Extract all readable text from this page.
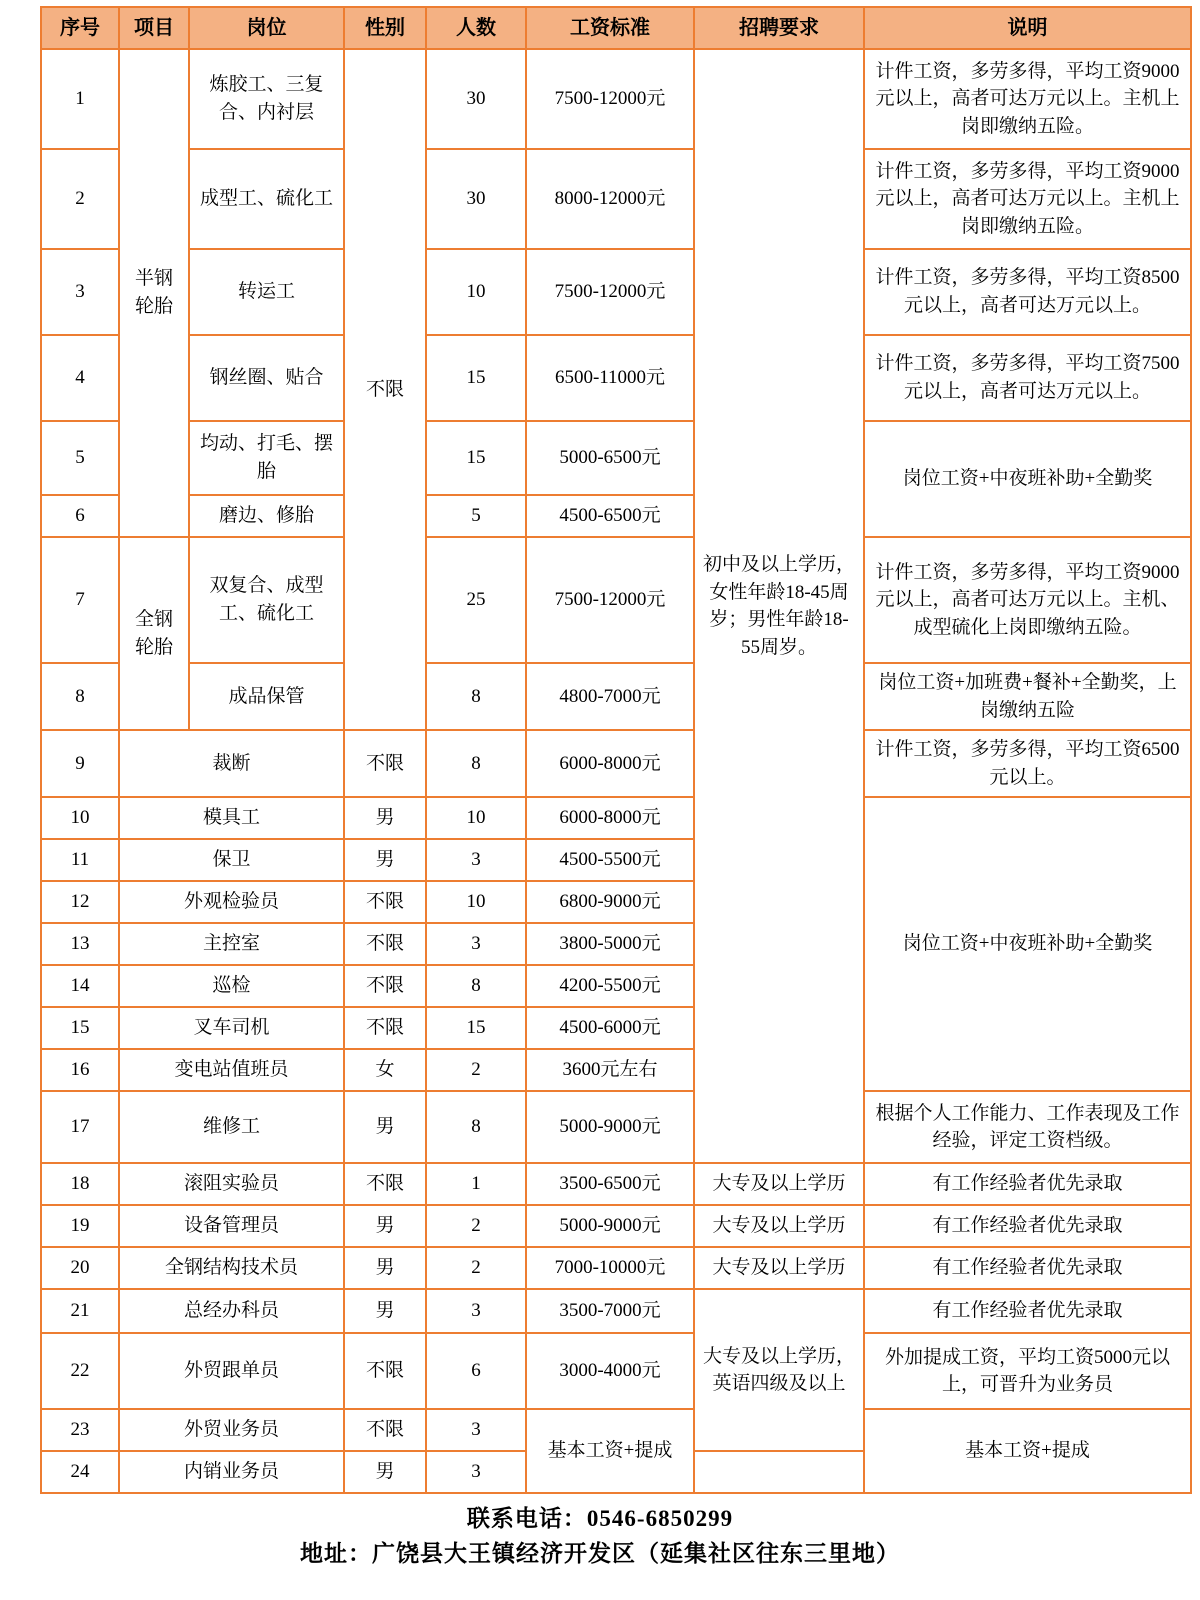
序号	项目	岗位	性别	人数	工资标准	招聘要求	说明
1	半钢轮胎	炼胶工、三复合、内衬层	不限	30	7500-12000元	初中及以上学历，女性年龄18-45周岁；男性年龄18-55周岁。	计件工资，多劳多得，平均工资9000元以上，高者可达万元以上。主机上岗即缴纳五险。
2		成型工、硫化工		30	8000-12000元		计件工资，多劳多得，平均工资9000元以上，高者可达万元以上。主机上岗即缴纳五险。
3		转运工		10	7500-12000元		计件工资，多劳多得，平均工资8500元以上，高者可达万元以上。
4		钢丝圈、贴合		15	6500-11000元		计件工资，多劳多得，平均工资7500元以上，高者可达万元以上。
5		均动、打毛、摆胎		15	5000-6500元		岗位工资+中夜班补助+全勤奖
6		磨边、修胎		5	4500-6500元		
7	全钢轮胎	双复合、成型工、硫化工		25	7500-12000元		计件工资，多劳多得，平均工资9000元以上，高者可达万元以上。主机、成型硫化上岗即缴纳五险。
8		成品保管		8	4800-7000元		岗位工资+加班费+餐补+全勤奖，上岗缴纳五险
9	裁断		不限	8	6000-8000元		计件工资，多劳多得，平均工资6500元以上。
10	模具工		男	10	6000-8000元		岗位工资+中夜班补助+全勤奖
11	保卫		男	3	4500-5500元		
12	外观检验员		不限	10	6800-9000元		
13	主控室		不限	3	3800-5000元		
14	巡检		不限	8	4200-5500元		
15	叉车司机		不限	15	4500-6000元		
16	变电站值班员		女	2	3600元左右		
17	维修工		男	8	5000-9000元		根据个人工作能力、工作表现及工作经验，评定工资档级。
18	滚阻实验员		不限	1	3500-6500元	大专及以上学历	有工作经验者优先录取
19	设备管理员		男	2	5000-9000元	大专及以上学历	有工作经验者优先录取
20	全钢结构技术员		男	2	7000-10000元	大专及以上学历	有工作经验者优先录取
21	总经办科员		男	3	3500-7000元	大专及以上学历，英语四级及以上	有工作经验者优先录取
22	外贸跟单员		不限	6	3000-4000元		外加提成工资，平均工资5000元以上，可晋升为业务员
23	外贸业务员		不限	3	基本工资+提成		基本工资+提成
24	内销业务员		男	3			
联系电话：0546-6850299
地址：广饶县大王镇经济开发区（延集社区往东三里地）
